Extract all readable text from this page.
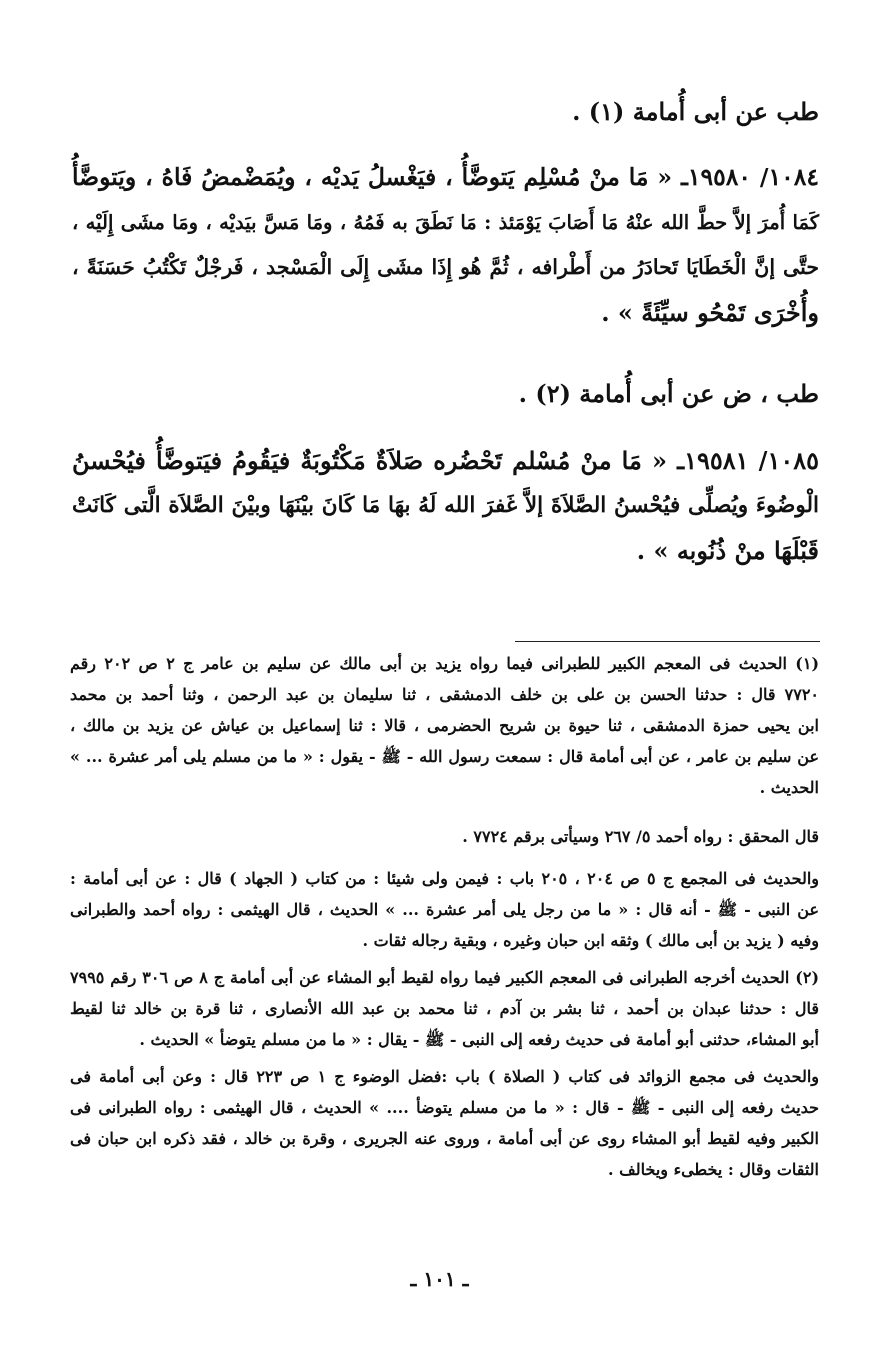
طب عن أبى أُمامة (١) .
١٠٨٤/ ١٩٥٨٠ـ « مَا منْ مُسْلِم يَتوضَّأُ ، فيَغْسلُ يَديْه ، ويُمَضْمضُ فَاهُ ، ويَتوضَّأُ
كَمَا أُمرَ إلاَّ حطَّ الله عنْهُ مَا أَصَابَ يَوْمَئذ : مَا نَطَقَ به فَمُهُ ، ومَا مَسَّ بيَديْه ، ومَا مشَى إِلَيْه ،
حتَّى إنَّ الْخَطَايَا تَحادَرُ من أَطْرافه ، ثُمَّ هُو إِذَا مشَى إِلَى الْمَسْجد ، فَرجْلٌ تَكْتُبُ حَسَنَةً ،
وأُخْرَى تَمْحُو سيِّئَةً » .
طب ، ض عن أبى أُمامة (٢) .
١٠٨٥/ ١٩٥٨١ـ « مَا منْ مُسْلم تَحْضُره صَلاَةٌ مَكْتُوبَةٌ فيَقُومُ فيَتوضَّأُ فيُحْسنُ
الْوضُوءَ ويُصلِّى فيُحْسنُ الصَّلاَةَ إلاَّ غَفرَ الله لَهُ بهَا مَا كَانَ بيْنَهَا وبيْنَ الصَّلاَة الَّتى كَانَتْ
قَبْلَهَا منْ ذُنُوبه » .
(١) الحديث فى المعجم الكبير للطبرانى فيما رواه يزيد بن أبى مالك عن سليم بن عامر ج ٢ ص ٢٠٢ رقم
٧٧٢٠ قال : حدثنا الحسن بن على بن خلف الدمشقى ، ثنا سليمان بن عبد الرحمن ، وثنا أحمد بن محمد
ابن يحيى حمزة الدمشقى ، ثنا حيوة بن شريح الحضرمى ، قالا : ثنا إسماعيل بن عياش عن يزيد بن مالك ،
عن سليم بن عامر ، عن أبى أمامة قال : سمعت رسول الله - ﷺ - يقول : « ما من مسلم يلى أمر عشرة ... »
الحديث .
قال المحقق : رواه أحمد ٥/ ٢٦٧ وسيأتى برقم ٧٧٢٤ .
والحديث فى المجمع ج ٥ ص ٢٠٤ ، ٢٠٥ باب : فيمن ولى شيئا : من كتاب ( الجهاد ) قال : عن أبى أمامة :
عن النبى - ﷺ - أنه قال : « ما من رجل يلى أمر عشرة ... » الحديث ، قال الهيثمى : رواه أحمد والطبرانى
وفيه ( يزيد بن أبى مالك ) وثقه ابن حبان وغيره ، وبقية رجاله ثقات .
(٢) الحديث أخرجه الطبرانى فى المعجم الكبير فيما رواه لقيط أبو المشاء عن أبى أمامة ج ٨ ص ٣٠٦ رقم ٧٩٩٥
قال : حدثنا عبدان بن أحمد ، ثنا بشر بن آدم ، ثنا محمد بن عبد الله الأنصارى ، ثنا قرة بن خالد ثنا لقيط
أبو المشاء، حدثنى أبو أمامة فى حديث رفعه إلى النبى - ﷺ - يقال : « ما من مسلم يتوضأ » الحديث .
والحديث فى مجمع الزوائد فى كتاب ( الصلاة ) باب :فضل الوضوء ج ١ ص ٢٢٣ قال : وعن أبى أمامة فى
حديث رفعه إلى النبى - ﷺ - قال : « ما من مسلم يتوضأ .... » الحديث ، قال الهيثمى : رواه الطبرانى فى
الكبير وفيه لقيط أبو المشاء روى عن أبى أمامة ، وروى عنه الجريرى ، وقرة بن خالد ، فقد ذكره ابن حبان فى
الثقات وقال : يخطىء ويخالف .
ـ ١٠١ ـ
